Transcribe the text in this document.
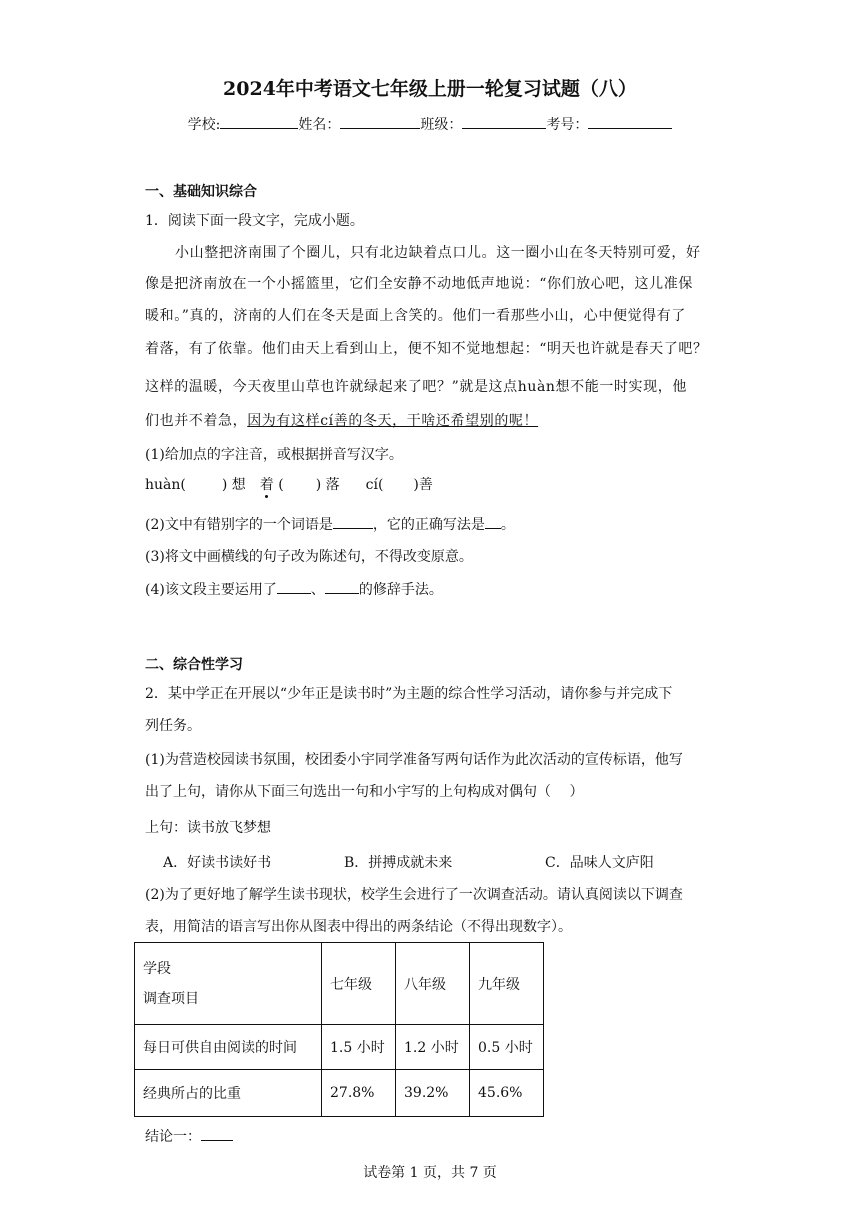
2024年中考语文七年级上册一轮复习试题（八）
学校:	姓名：	班级：	考号：
一、基础知识综合
1．阅读下面一段文字，完成小题。
小山整把济南围了个圈儿，只有北边缺着点口儿。这一圈小山在冬天特别可爱，好
像是把济南放在一个小摇篮里，它们全安静不动地低声地说：“你们放心吧，这儿准保
暖和。”真的，济南的人们在冬天是面上含笑的。他们一看那些小山，心中便觉得有了
着落，有了依靠。他们由天上看到山上，便不知不觉地想起：“明天也许就是春天了吧？
这样的温暖，今天夜里山草也许就绿起来了吧？”就是这点huàn想不能一时实现，他
们也并不着急，因为有这样cí善的冬天，干啥还希望别的呢！
(1)给加点的字注音，或根据拼音写汉字。
huàn(	) 想 着 ( ) 落 cí( )善
(2)文中有错别字的一个词语是	，它的正确写法是 。
(3)将文中画横线的句子改为陈述句，不得改变原意。
(4)该文段主要运用了 、 的修辞手法。
二、综合性学习
2．某中学正在开展以“少年正是读书时”为主题的综合性学习活动，请你参与并完成下
列任务。
(1)为营造校园读书氛围，校团委小宇同学准备写两句话作为此次活动的宣传标语，他写
出了上句，请你从下面三句选出一句和小宇写的上句构成对偶句（　 ）
上句：读书放飞梦想
A．好读书读好书	B．拼搏成就未来	C．品味人文庐阳
(2)为了更好地了解学生读书现状，校学生会进行了一次调查活动。请认真阅读以下调查
表，用简洁的语言写出你从图表中得出的两条结论（不得出现数字）。
学段
调查项目	七年级	八年级	九年级
每日可供自由阅读的时间	1.5 小时	1.2 小时	0.5 小时
经典所占的比重	27.8%	39.2%	45.6%
结论一：
试卷第 1 页，共 7 页
